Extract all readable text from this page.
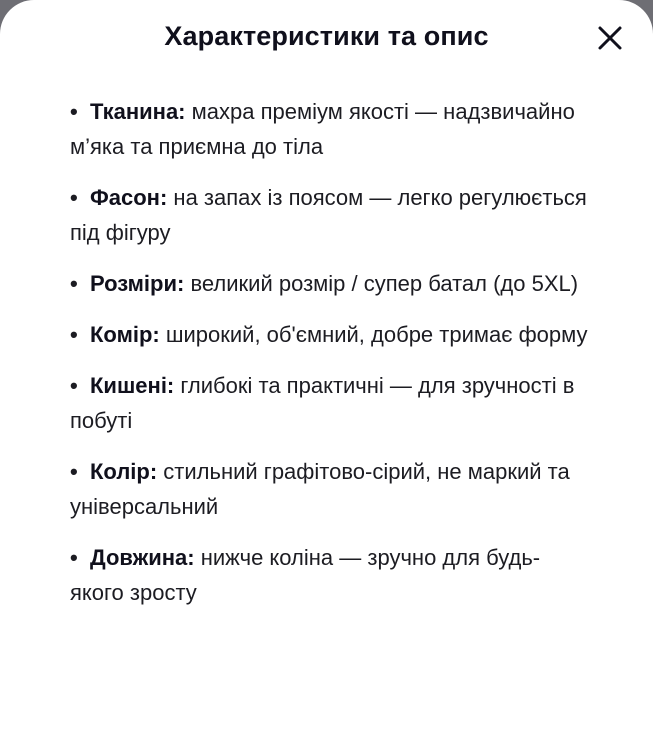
Характеристики та опис
• Тканина: махра преміум якості — надзвичайно м’яка та приємна до тіла
• Фасон: на запах із поясом — легко регулюється під фігуру
• Розміри: великий розмір / супер батал (до 5XL)
• Комір: широкий, об'ємний, добре тримає форму
• Кишені: глибокі та практичні — для зручності в побуті
• Колір: стильний графітово-сірий, не маркий та універсальний
• Довжина: нижче коліна — зручно для будь-якого зросту
